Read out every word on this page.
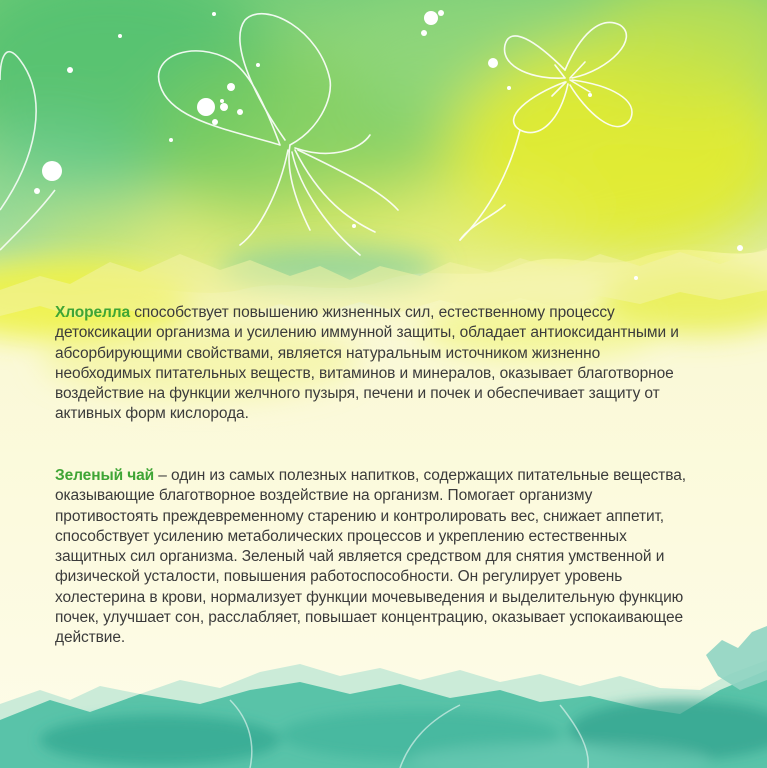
Хлорелла способствует повышению жизненных сил, естественному процессу детоксикации организма и усилению иммунной защиты, обладает антиоксидантными и абсорбирующими свойствами, является натуральным источником жизненно необходимых питательных веществ, витаминов и минералов, оказывает благотворное воздействие на функции желчного пузыря, печени и почек и обеспечивает защиту от активных форм кислорода.

Зеленый чай – один из самых полезных напитков, содержащих питательные вещества, оказывающие благотворное воздействие на организм. Помогает организму противостоять преждевременному старению и контролировать вес, снижает аппетит, способствует усилению метаболических процессов и укреплению естественных защитных сил организма. Зеленый чай является средством для снятия умственной и физической усталости, повышения работоспособности. Он регулирует уровень холестерина в крови, нормализует функции мочевыведения и выделительную функцию почек, улучшает сон, расслабляет, повышает концентрацию, оказывает успокаивающее действие.
